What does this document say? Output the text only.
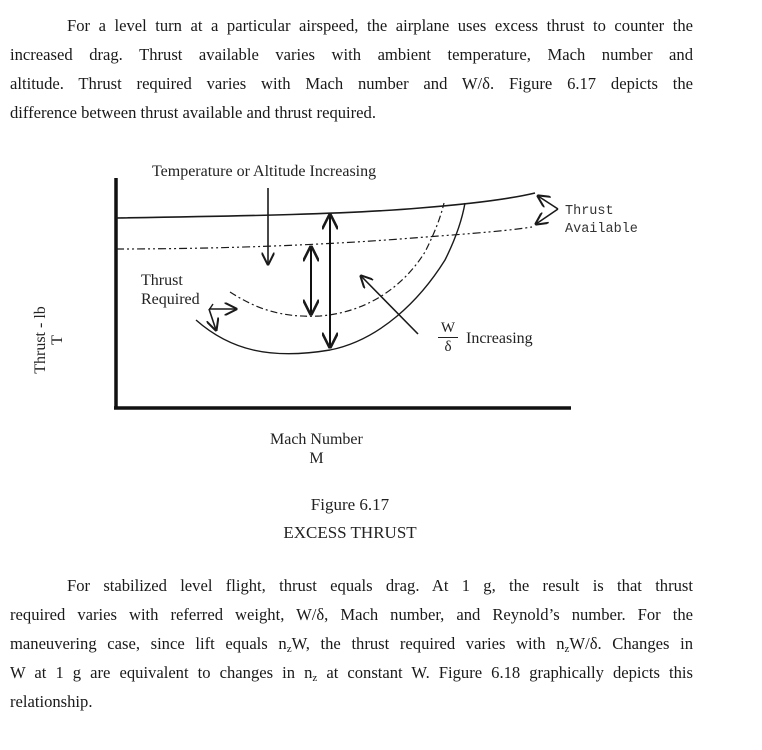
For a level turn at a particular airspeed, the airplane uses excess thrust to counter the
increased drag. Thrust available varies with ambient temperature, Mach number and
altitude. Thrust required varies with Mach number and W/δ. Figure 6.17 depicts the
difference between thrust available and thrust required.
Temperature or Altitude Increasing
Thrust
Available
Thrust
Required
W
δ Increasing
Thrust - lb T
Mach Number
M
Figure 6.17
EXCESS THRUST
For stabilized level flight, thrust equals drag. At 1 g, the result is that thrust
required varies with referred weight, W/δ, Mach number, and Reynold’s number. For the
maneuvering case, since lift equals $n_zW$, the thrust required varies with $n_zW/\delta$. Changes in
W at 1 g are equivalent to changes in $n_z$ at constant W. Figure 6.18 graphically depicts this
relationship.
